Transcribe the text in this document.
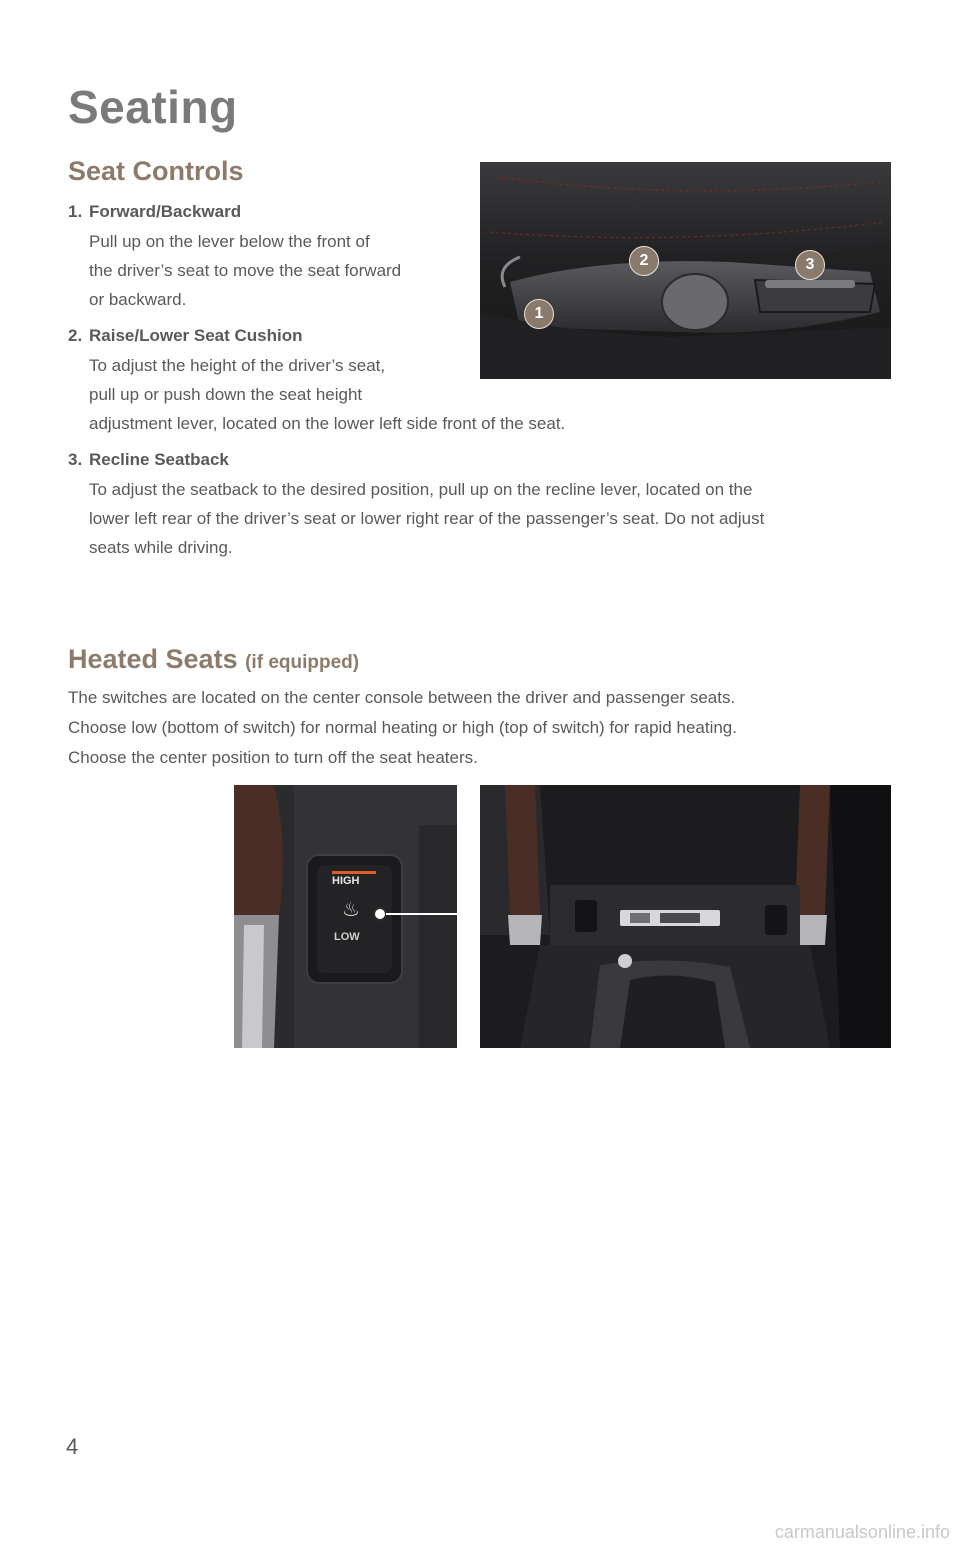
Seating
Seat Controls
1. Forward/Backward
Pull up on the lever below the front of
the driver’s seat to move the seat forward
or backward.
2. Raise/Lower Seat Cushion
To adjust the height of the driver’s seat,
pull up or push down the seat height
adjustment lever, located on the lower left side front of the seat.
3. Recline Seatback
To adjust the seatback to the desired position, pull up on the recline lever, located on the
lower left rear of the driver’s seat or lower right rear of the passenger’s seat. Do not adjust
seats while driving.
2	3
1
Heated Seats (if equipped)
The switches are located on the center console between the driver and passenger seats.
Choose low (bottom of switch) for normal heating or high (top of switch) for rapid heating.
Choose the center position to turn off the seat heaters.
HIGH
♨
LOW
4
carmanualsonline.info
